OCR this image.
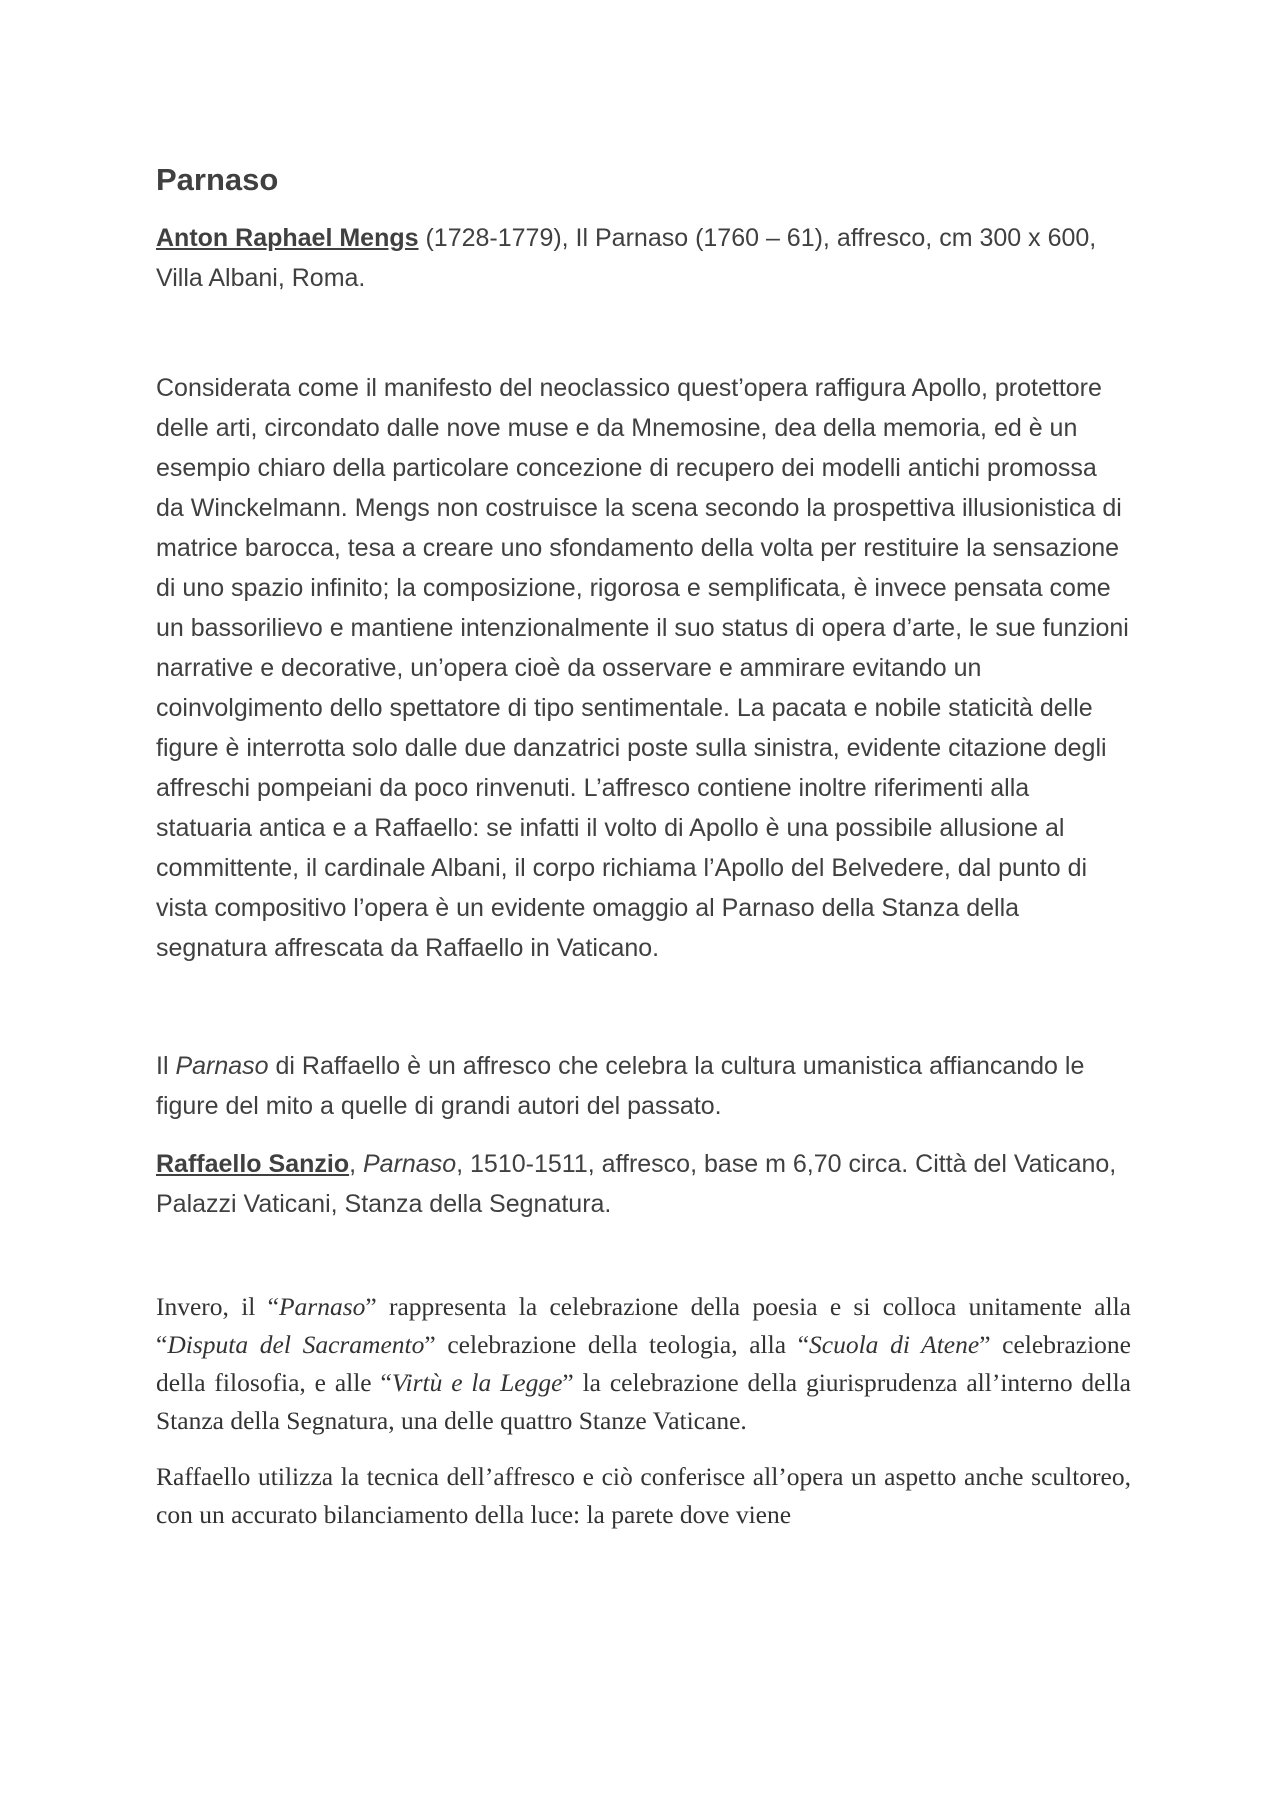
Parnaso

Anton Raphael Mengs (1728-1779), Il Parnaso (1760 – 61), affresco, cm 300 x 600, Villa Albani, Roma.

Considerata come il manifesto del neoclassico quest’opera raffigura Apollo, protettore delle arti, circondato dalle nove muse e da Mnemosine, dea della memoria, ed è un esempio chiaro della particolare concezione di recupero dei modelli antichi promossa da Winckelmann. Mengs non costruisce la scena secondo la prospettiva illusionistica di matrice barocca, tesa a creare uno sfondamento della volta per restituire la sensazione di uno spazio infinito; la composizione, rigorosa e semplificata, è invece pensata come un bassorilievo e mantiene intenzionalmente il suo status di opera d’arte, le sue funzioni narrative e decorative, un’opera cioè da osservare e ammirare evitando un coinvolgimento dello spettatore di tipo sentimentale. La pacata e nobile staticità delle figure è interrotta solo dalle due danzatrici poste sulla sinistra, evidente citazione degli affreschi pompeiani da poco rinvenuti. L’affresco contiene inoltre riferimenti alla statuaria antica e a Raffaello: se infatti il volto di Apollo è una possibile allusione al committente, il cardinale Albani, il corpo richiama l’Apollo del Belvedere, dal punto di vista compositivo l’opera è un evidente omaggio al Parnaso della Stanza della segnatura affrescata da Raffaello in Vaticano.

Il Parnaso di Raffaello è un affresco che celebra la cultura umanistica affiancando le figure del mito a quelle di grandi autori del passato.

Raffaello Sanzio, Parnaso, 1510-1511, affresco, base m 6,70 circa. Città del Vaticano, Palazzi Vaticani, Stanza della Segnatura.

Invero, il “Parnaso” rappresenta la celebrazione della poesia e si colloca unitamente alla “Disputa del Sacramento” celebrazione della teologia, alla “Scuola di Atene” celebrazione della filosofia, e alle “Virtù e la Legge” la celebrazione della giurisprudenza all’interno della Stanza della Segnatura, una delle quattro Stanze Vaticane.

Raffaello utilizza la tecnica dell’affresco e ciò conferisce all’opera un aspetto anche scultoreo, con un accurato bilanciamento della luce: la parete dove viene
